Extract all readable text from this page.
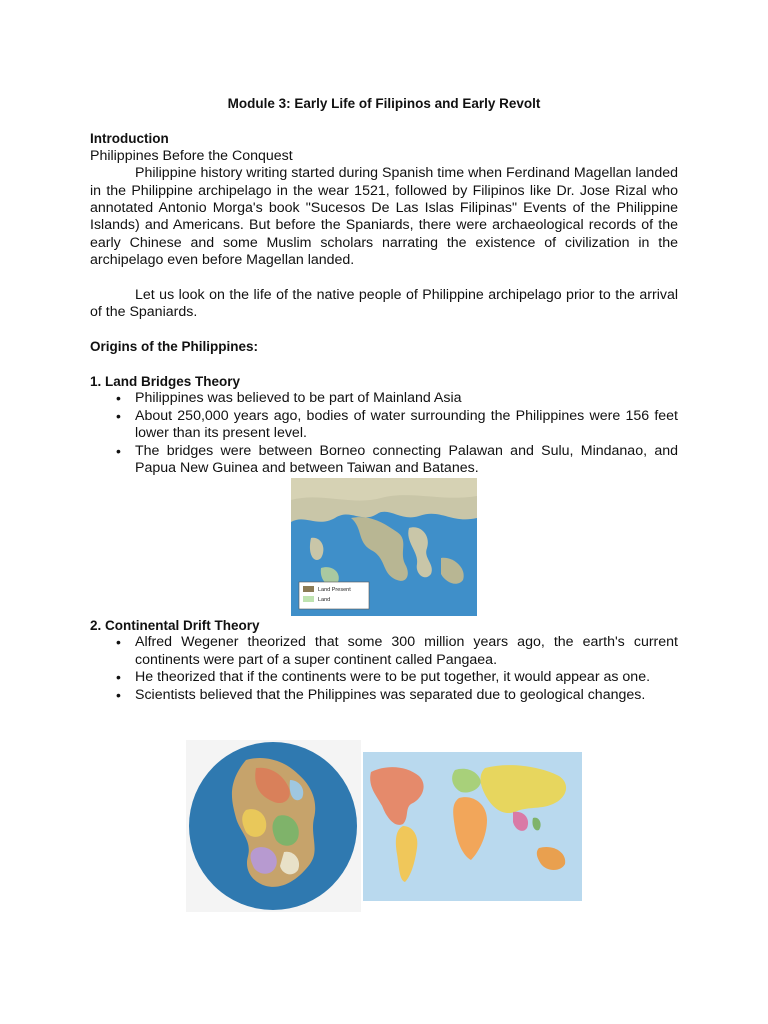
Module 3: Early Life of Filipinos and Early Revolt
Introduction

Philippines Before the Conquest

Philippine history writing started during Spanish time when Ferdinand Magellan landed in the Philippine archipelago in the wear 1521, followed by Filipinos like Dr. Jose Rizal who annotated Antonio Morga's book "Sucesos De Las Islas Filipinas" Events of the Philippine Islands) and Americans. But before the Spaniards, there were archaeological records of the early Chinese and some Muslim scholars narrating the existence of civilization in the archipelago even before Magellan landed.

Let us look on the life of the native people of Philippine archipelago prior to the arrival of the Spaniards.

Origins of the Philippines:
1. Land Bridges Theory
• Philippines was believed to be part of Mainland Asia
• About 250,000 years ago, bodies of water surrounding the Philippines were 156 feet lower than its present level.
• The bridges were between Borneo connecting Palawan and Sulu, Mindanao, and Papua New Guinea and between Taiwan and Batanes.
2. Continental Drift Theory
• Alfred Wegener theorized that some 300 million years ago, the earth's current continents were part of a super continent called Pangaea.
• He theorized that if the continents were to be put together, it would appear as one.
• Scientists believed that the Philippines was separated due to geological changes.
Land Present
Land
